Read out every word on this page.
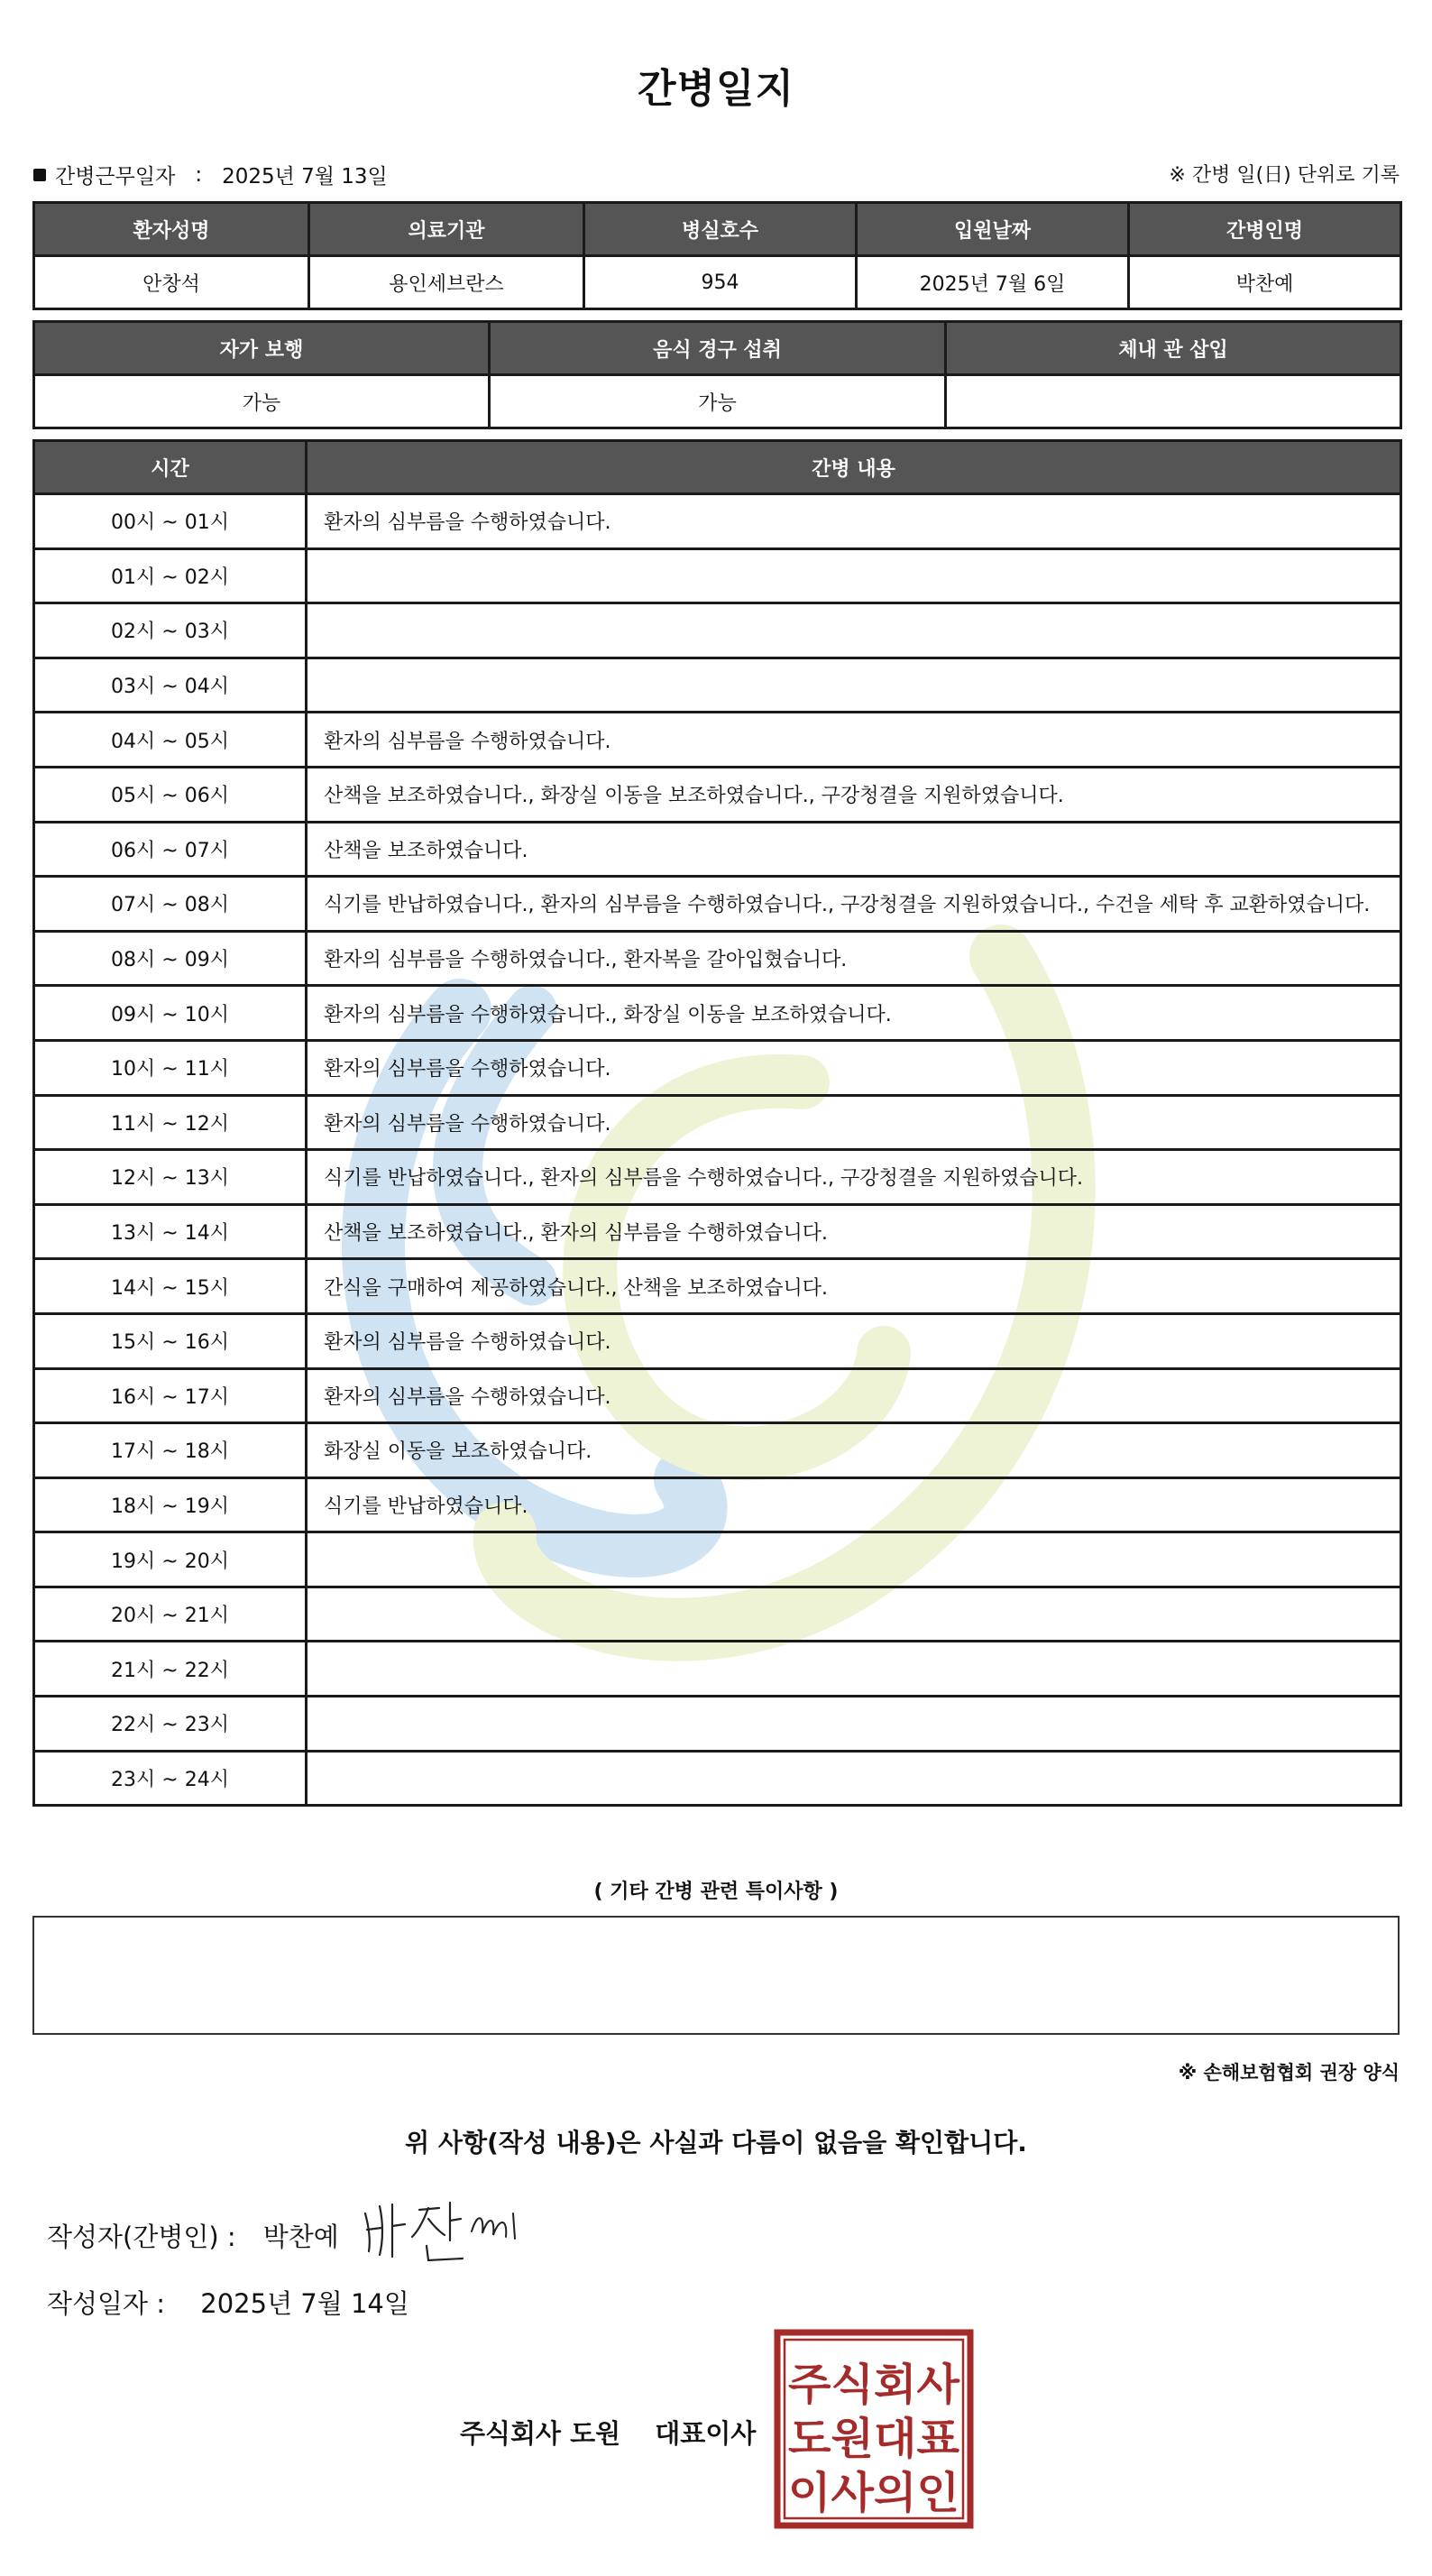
간병일지
간병근무일자 : 2025년 7월 13일	※ 간병 일(日) 단위로 기록
환자성명	의료기관	병실호수	입원날짜	간병인명
안창석	용인세브란스	954	2025년 7월 6일	박찬예
자가 보행	음식 경구 섭취	체내 관 삽입
가능	가능	
시간	간병 내용
00시 ~ 01시	환자의 심부름을 수행하였습니다.
01시 ~ 02시	
02시 ~ 03시	
03시 ~ 04시	
04시 ~ 05시	환자의 심부름을 수행하였습니다.
05시 ~ 06시	산책을 보조하였습니다., 화장실 이동을 보조하였습니다., 구강청결을 지원하였습니다.
06시 ~ 07시	산책을 보조하였습니다.
07시 ~ 08시	식기를 반납하였습니다., 환자의 심부름을 수행하였습니다., 구강청결을 지원하였습니다., 수건을 세탁 후 교환하였습니다.
08시 ~ 09시	환자의 심부름을 수행하였습니다., 환자복을 갈아입혔습니다.
09시 ~ 10시	환자의 심부름을 수행하였습니다., 화장실 이동을 보조하였습니다.
10시 ~ 11시	환자의 심부름을 수행하였습니다.
11시 ~ 12시	환자의 심부름을 수행하였습니다.
12시 ~ 13시	식기를 반납하였습니다., 환자의 심부름을 수행하였습니다., 구강청결을 지원하였습니다.
13시 ~ 14시	산책을 보조하였습니다., 환자의 심부름을 수행하였습니다.
14시 ~ 15시	간식을 구매하여 제공하였습니다., 산책을 보조하였습니다.
15시 ~ 16시	환자의 심부름을 수행하였습니다.
16시 ~ 17시	환자의 심부름을 수행하였습니다.
17시 ~ 18시	화장실 이동을 보조하였습니다.
18시 ~ 19시	식기를 반납하였습니다.
19시 ~ 20시	
20시 ~ 21시	
21시 ~ 22시	
22시 ~ 23시	
23시 ~ 24시	
( 기타 간병 관련 특이사항 )
※ 손해보험협회 권장 양식
위 사항(작성 내용)은 사실과 다름이 없음을 확인합니다.
작성자(간병인) : 박찬예
작성일자 : 2025년 7월 14일
주식회사 도원 대표이사
주식회사
도원대표
이사의인
